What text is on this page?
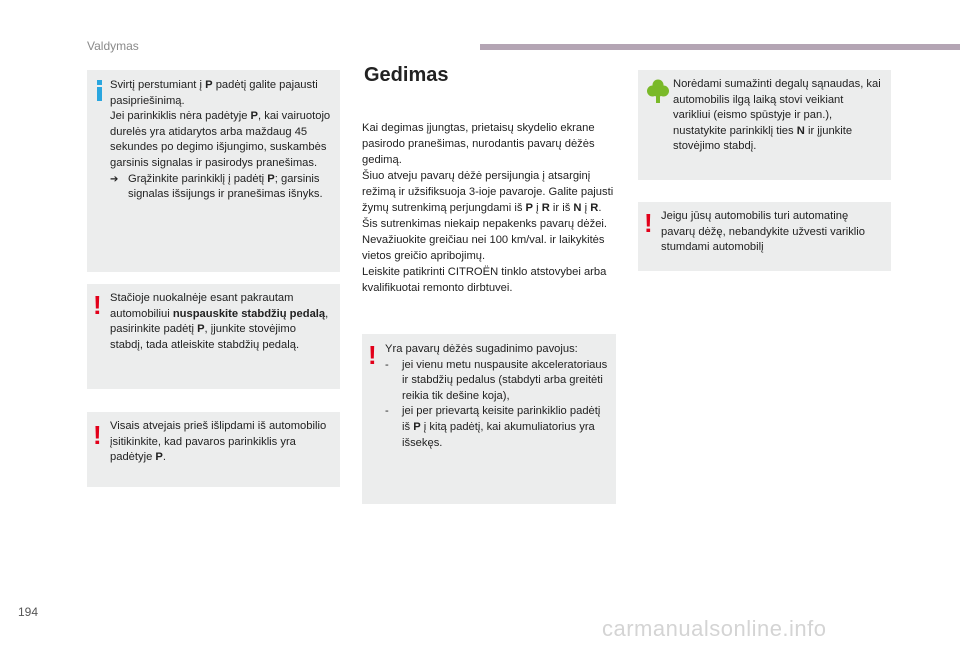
Valdymas

Svirtį perstumiant į P padėtį galite pajausti pasipriešinimą.

Jei parinkiklis nėra padėtyje P, kai vairuotojo durelės yra atidarytos arba maždaug 45 sekundes po degimo išjungimo, suskambės garsinis signalas ir pasirodys pranešimas.

➔ Grąžinkite parinkiklį į padėtį P; garsinis signalas išsijungs ir pranešimas išnyks.

! Stačioje nuokalnėje esant pakrautam automobiliui nuspauskite stabdžių pedalą, pasirinkite padėtį P, įjunkite stovėjimo stabdį, tada atleiskite stabdžių pedalą.

! Visais atvejais prieš išlipdami iš automobilio įsitikinkite, kad pavaros parinkiklis yra padėtyje P.

Gedimas

Kai degimas įjungtas, prietaisų skydelio ekrane pasirodo pranešimas, nurodantis pavarų dėžės gedimą.

Šiuo atveju pavarų dėžė persijungia į atsarginį režimą ir užsifiksuoja 3-ioje pavaroje. Galite pajusti žymų sutrenkimą perjungdami iš P į R ir iš N į R. Šis sutrenkimas niekaip nepakenks pavarų dėžei.

Nevažiuokite greičiau nei 100 km/val. ir laikykitės vietos greičio apribojimų.

Leiskite patikrinti CITROËN tinklo atstovybei arba kvalifikuotai remonto dirbtuvei.

! Yra pavarų dėžės sugadinimo pavojus:

- jei vienu metu nuspausite akceleratoriaus ir stabdžių pedalus (stabdyti arba greitėti reikia tik dešine koja),

- jei per prievartą keisite parinkiklio padėtį iš P į kitą padėtį, kai akumuliatorius yra išsekęs.

Norėdami sumažinti degalų sąnaudas, kai automobilis ilgą laiką stovi veikiant varikliui (eismo spūstyje ir pan.), nustatykite parinkiklį ties N ir įjunkite stovėjimo stabdį.

! Jeigu jūsų automobilis turi automatinę pavarų dėžę, nebandykite užvesti variklio stumdami automobilį

194
carmanualsonline.info
